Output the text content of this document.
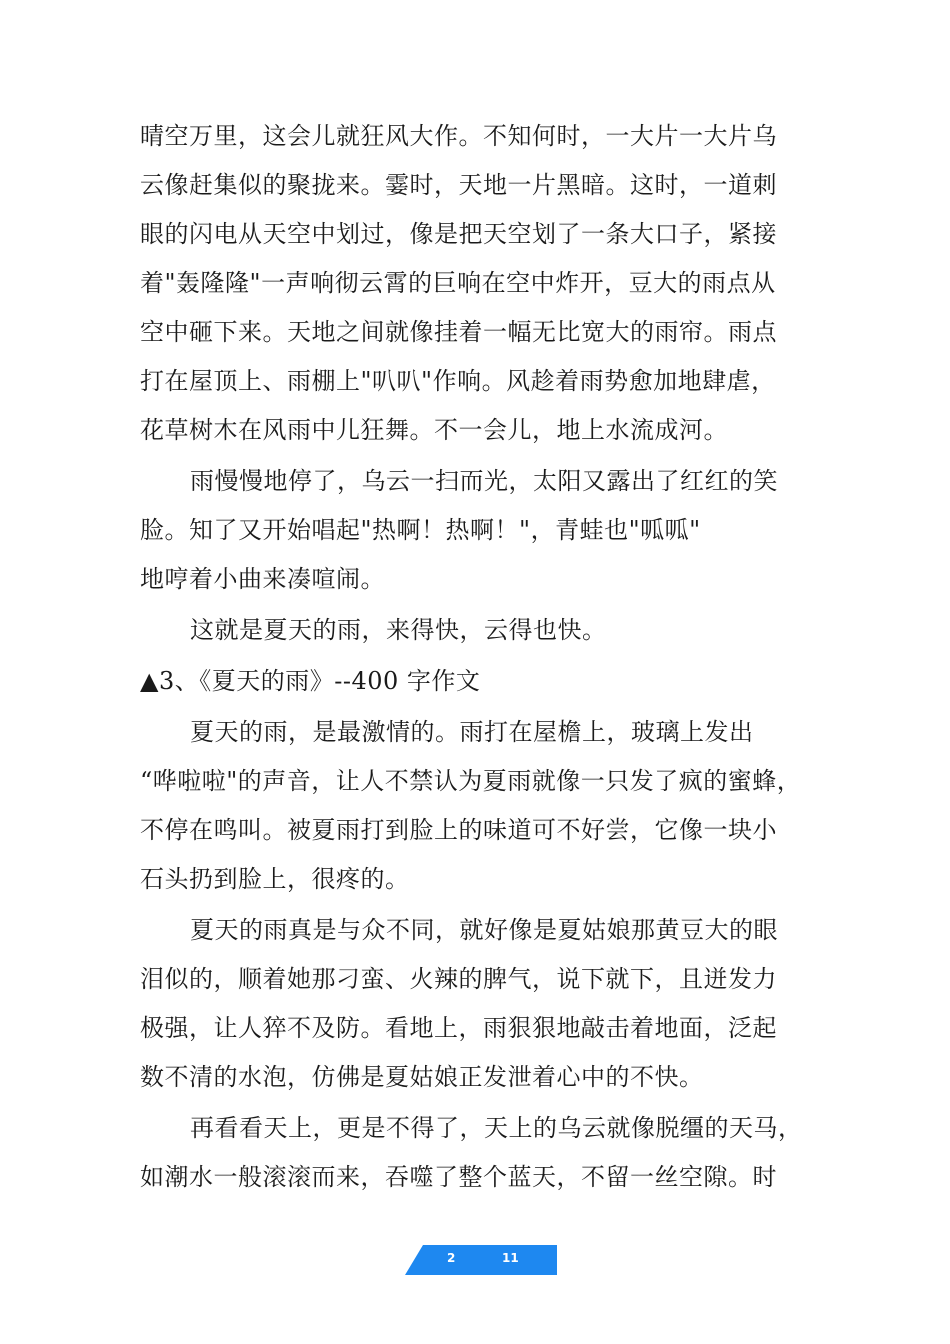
晴空万里，这会儿就狂风大作。不知何时，一大片一大片乌
云像赶集似的聚拢来。霎时，天地一片黑暗。这时，一道刺
眼的闪电从天空中划过，像是把天空划了一条大口子，紧接
着"轰隆隆"一声响彻云霄的巨响在空中炸开，豆大的雨点从
空中砸下来。天地之间就像挂着一幅无比宽大的雨帘。雨点
打在屋顶上、雨棚上"叭叭"作响。风趁着雨势愈加地肆虐，
花草树木在风雨中儿狂舞。不一会儿，地上水流成河。
雨慢慢地停了，乌云一扫而光，太阳又露出了红红的笑
脸。知了又开始唱起"热啊！热啊！"，青蛙也"呱呱"
地哼着小曲来凑喧闹。
这就是夏天的雨，来得快，云得也快。
▲3、《夏天的雨》--400 字作文
夏天的雨，是最激情的。雨打在屋檐上，玻璃上发出
“哗啦啦"的声音，让人不禁认为夏雨就像一只发了疯的蜜蜂，
不停在鸣叫。被夏雨打到脸上的味道可不好尝，它像一块小
石头扔到脸上，很疼的。
夏天的雨真是与众不同，就好像是夏姑娘那黄豆大的眼
泪似的，顺着她那刁蛮、火辣的脾气，说下就下，且迸发力
极强，让人猝不及防。看地上，雨狠狠地敲击着地面，泛起
数不清的水泡，仿佛是夏姑娘正发泄着心中的不快。
再看看天上，更是不得了，天上的乌云就像脱缰的天马，
如潮水一般滚滚而来，吞噬了整个蓝天，不留一丝空隙。时
2	11
